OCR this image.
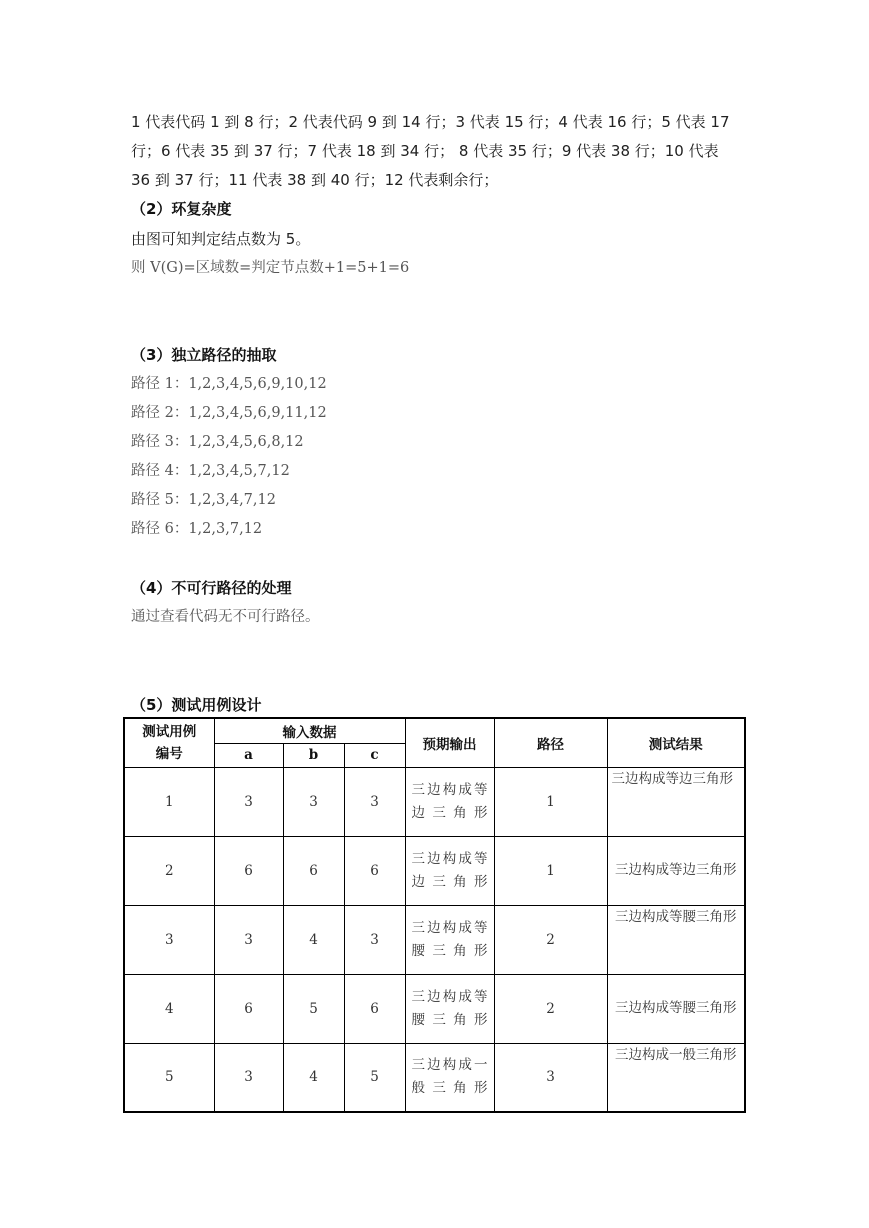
1 代表代码 1 到 8 行；2 代表代码 9 到 14 行；3 代表 15 行；4 代表 16 行；5 代表 17 行；6 代表 35 到 37 行；7 代表 18 到 34 行； 8 代表 35 行；9 代表 38 行；10 代表 36 到 37 行；11 代表 38 到 40 行；12 代表剩余行；
（2）环复杂度
由图可知判定结点数为 5。
则 V(G)=区域数=判定节点数+1=5+1=6
（3）独立路径的抽取
路径 1：1,2,3,4,5,6,9,10,12
路径 2：1,2,3,4,5,6,9,11,12
路径 3：1,2,3,4,5,6,8,12
路径 4：1,2,3,4,5,7,12
路径 5：1,2,3,4,7,12
路径 6：1,2,3,7,12
（4）不可行路径的处理
通过查看代码无不可行路径。
（5）测试用例设计
测试用例
编号	输入数据			预期输出	路径	测试结果
	a	b	c			
1	3	3	3	三边构成等边三角形	1	三边构成等边三角形
2	6	6	6	三边构成等边三角形	1	三边构成等边三角形
3	3	4	3	三边构成等腰三角形	2	三边构成等腰三角形
4	6	5	6	三边构成等腰三角形	2	三边构成等腰三角形
5	3	4	5	三边构成一般三角形	3	三边构成一般三角形
